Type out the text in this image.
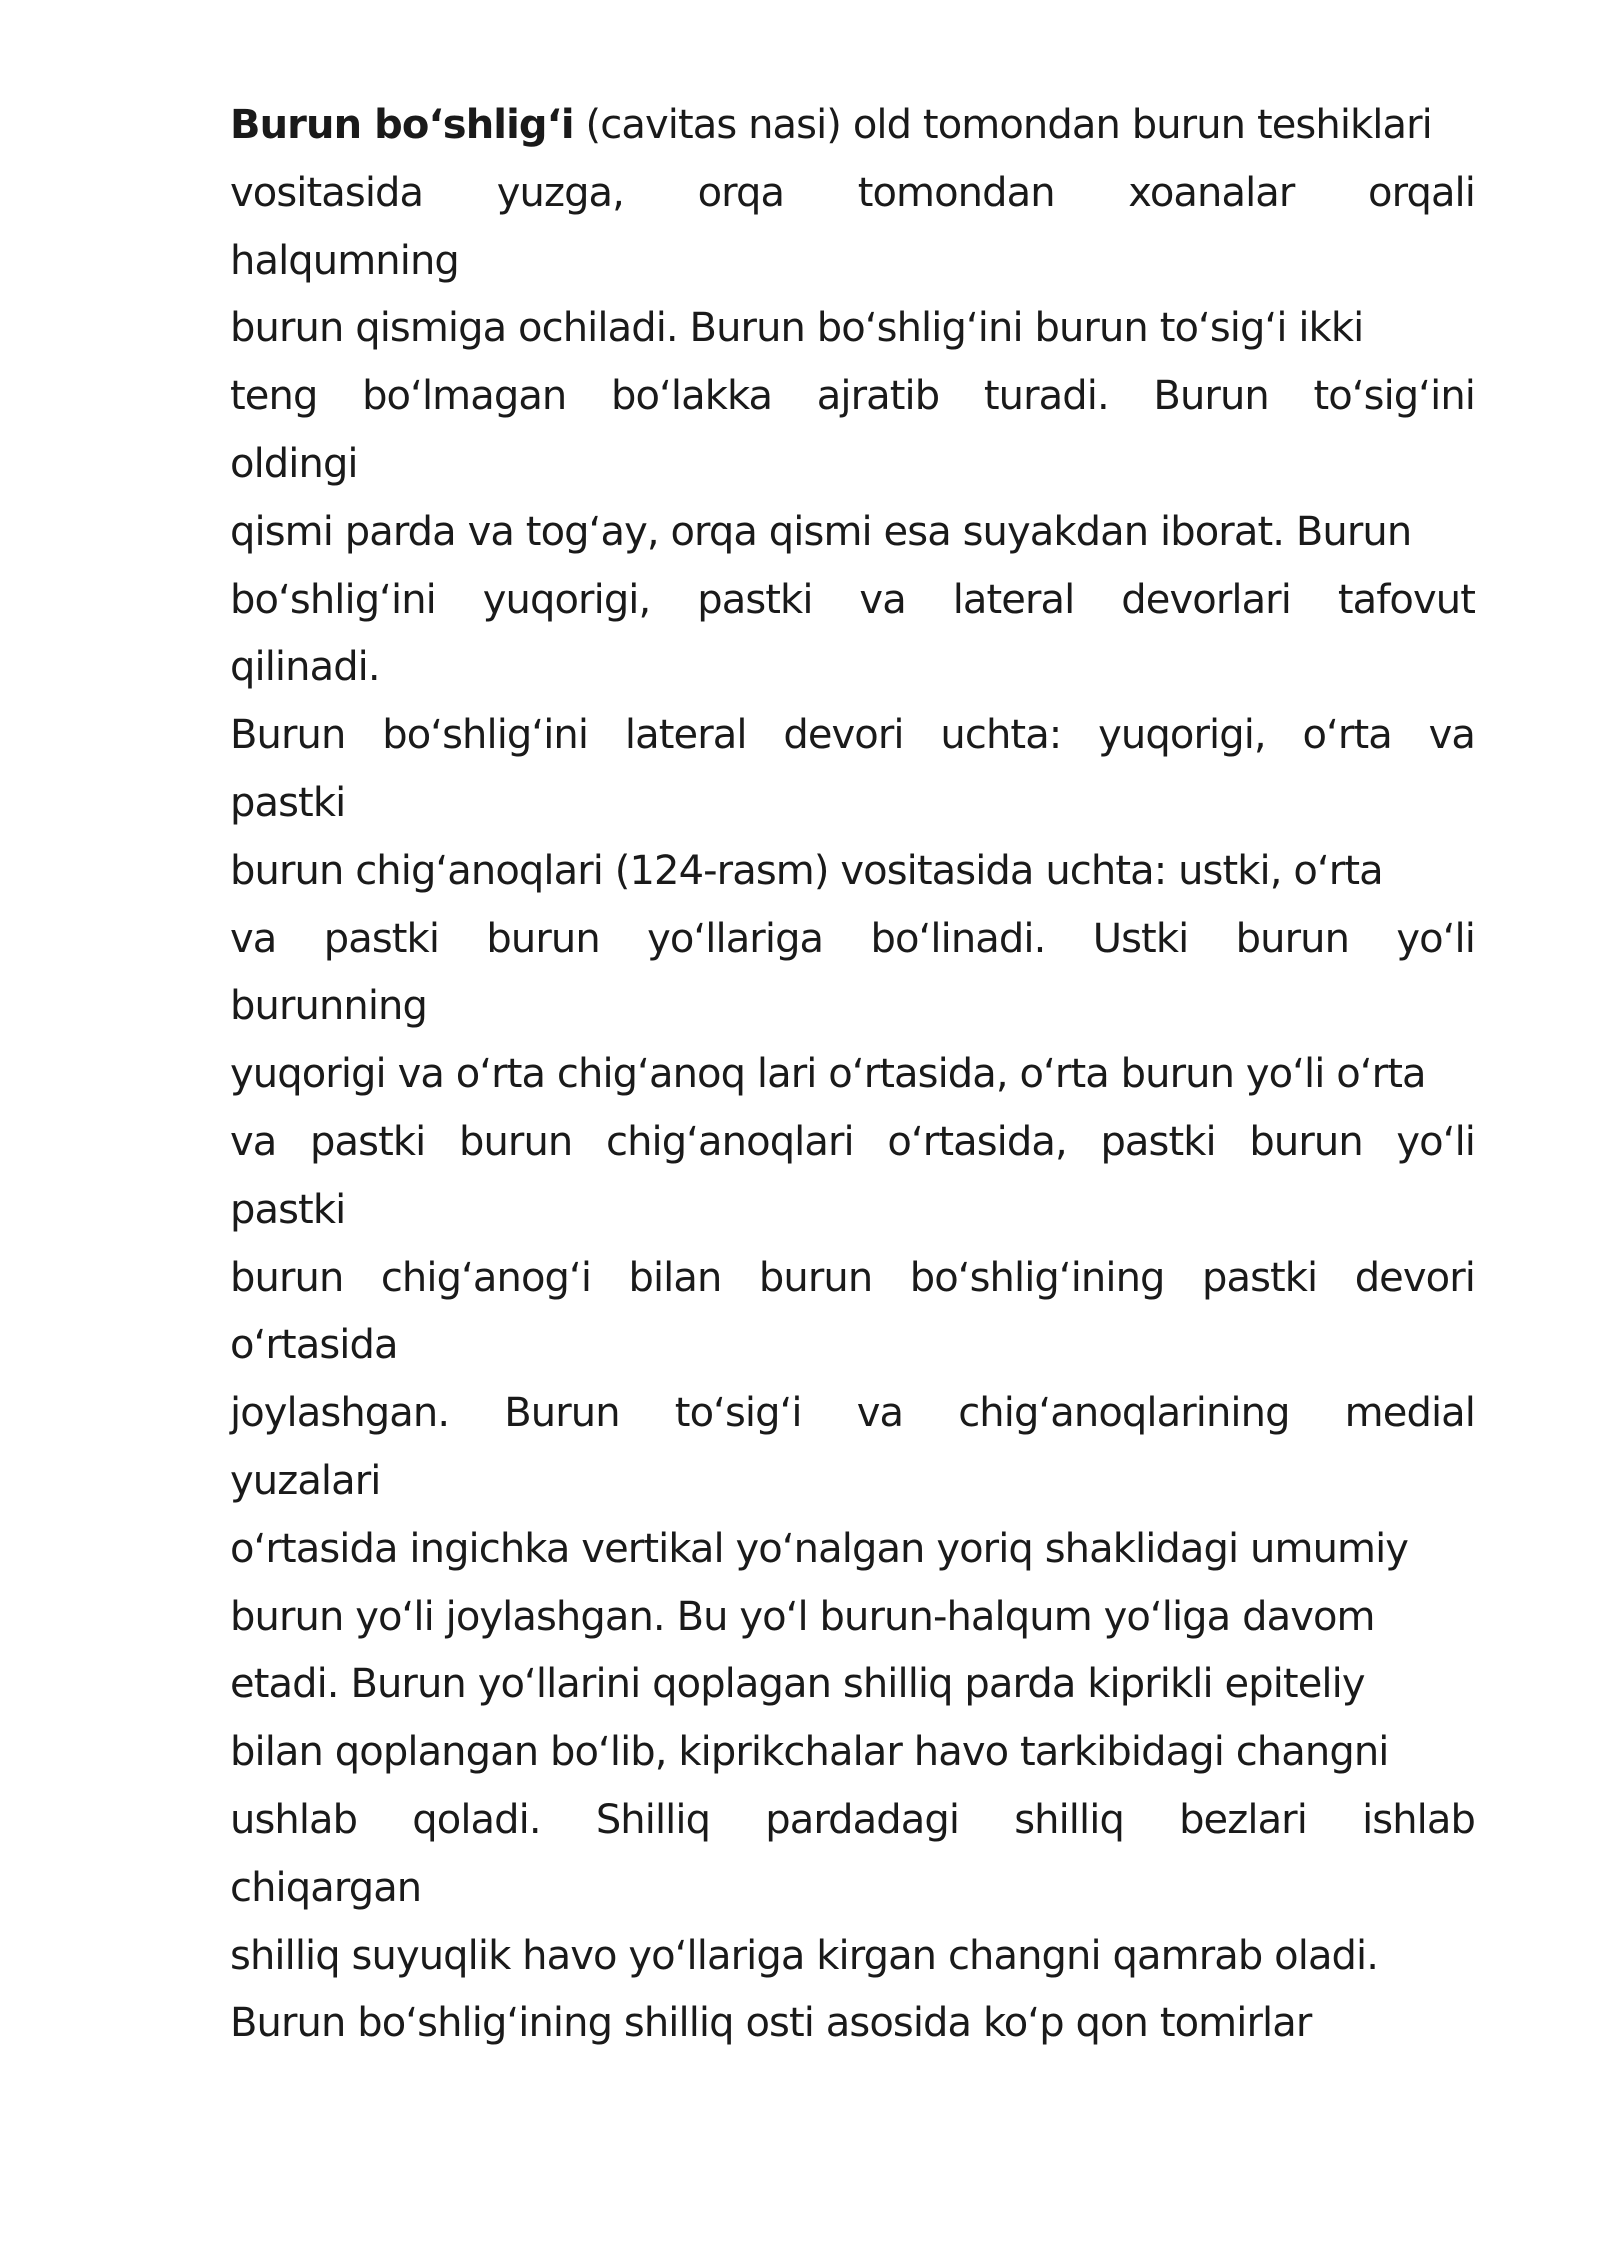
Burun bo‘shlig‘i (cavitas nasi) old tomondan burun teshiklari
vositasida yuzga, orqa tomondan xoanalar orqali
halqumning
burun qismiga ochiladi. Burun bo‘shlig‘ini burun to‘sig‘i ikki
teng bo‘lmagan bo‘lakka ajratib turadi. Burun to‘sig‘ini
oldingi
qismi parda va tog‘ay, orqa qismi esa suyakdan iborat. Burun
bo‘shlig‘ini yuqorigi, pastki va lateral devorlari tafovut
qilinadi.
Burun bo‘shlig‘ini lateral devori uchta: yuqorigi, o‘rta va
pastki
burun chig‘anoqlari (124-rasm) vositasida uchta: ustki, o‘rta
va pastki burun yo‘llariga bo‘linadi. Ustki burun yo‘li
burunning
yuqorigi va o‘rta chig‘anoq lari o‘rtasida, o‘rta burun yo‘li o‘rta
va pastki burun chig‘anoqlari o‘rtasida, pastki burun yo‘li
pastki
burun chig‘anog‘i bilan burun bo‘shlig‘ining pastki devori
o‘rtasida
joylashgan. Burun to‘sig‘i va chig‘anoqlarining medial
yuzalari
o‘rtasida ingichka vertikal yo‘nalgan yoriq shaklidagi umumiy
burun yo‘li joylashgan. Bu yo‘l burun-halqum yo‘liga davom
etadi. Burun yo‘llarini qoplagan shilliq parda kiprikli epiteliy
bilan qoplangan bo‘lib, kiprikchalar havo tarkibidagi changni
ushlab qoladi. Shilliq pardadagi shilliq bezlari ishlab
chiqargan
shilliq suyuqlik havo yo‘llariga kirgan changni qamrab oladi.
Burun bo‘shlig‘ining shilliq osti asosida ko‘p qon tomirlar
